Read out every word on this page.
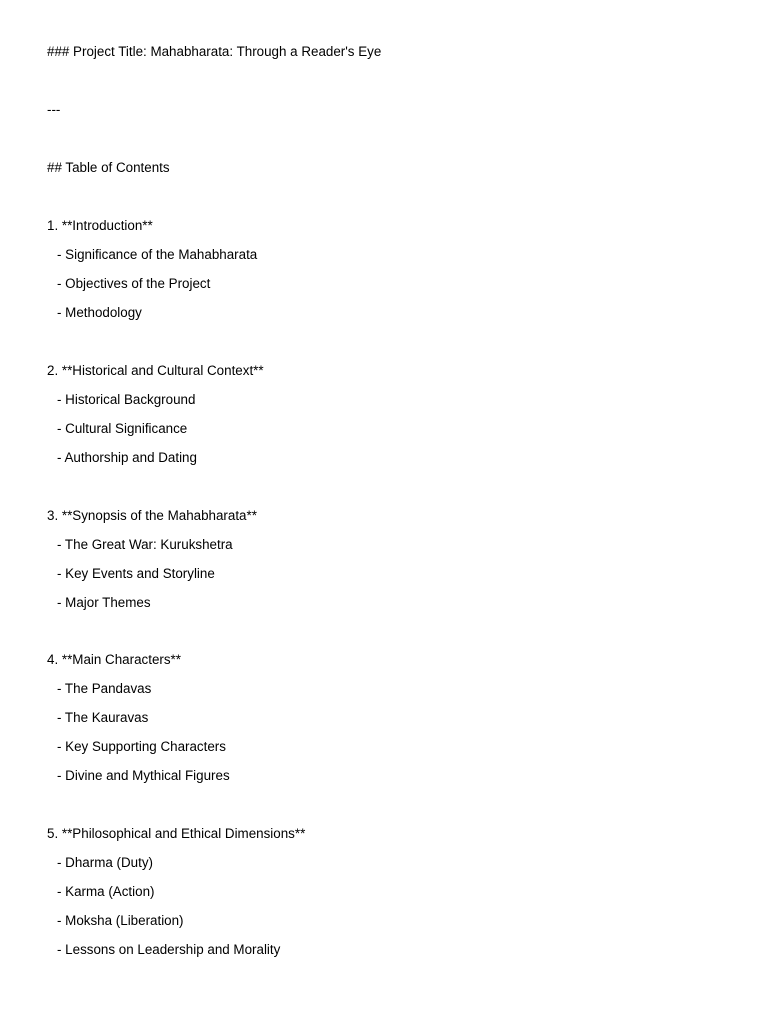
### Project Title: Mahabharata: Through a Reader's Eye

---

## Table of Contents

1. **Introduction**

- Significance of the Mahabharata

- Objectives of the Project

- Methodology

2. **Historical and Cultural Context**

- Historical Background

- Cultural Significance

- Authorship and Dating

3. **Synopsis of the Mahabharata**

- The Great War: Kurukshetra

- Key Events and Storyline

- Major Themes

4. **Main Characters**

- The Pandavas

- The Kauravas

- Key Supporting Characters

- Divine and Mythical Figures

5. **Philosophical and Ethical Dimensions**

- Dharma (Duty)

- Karma (Action)

- Moksha (Liberation)

- Lessons on Leadership and Morality
